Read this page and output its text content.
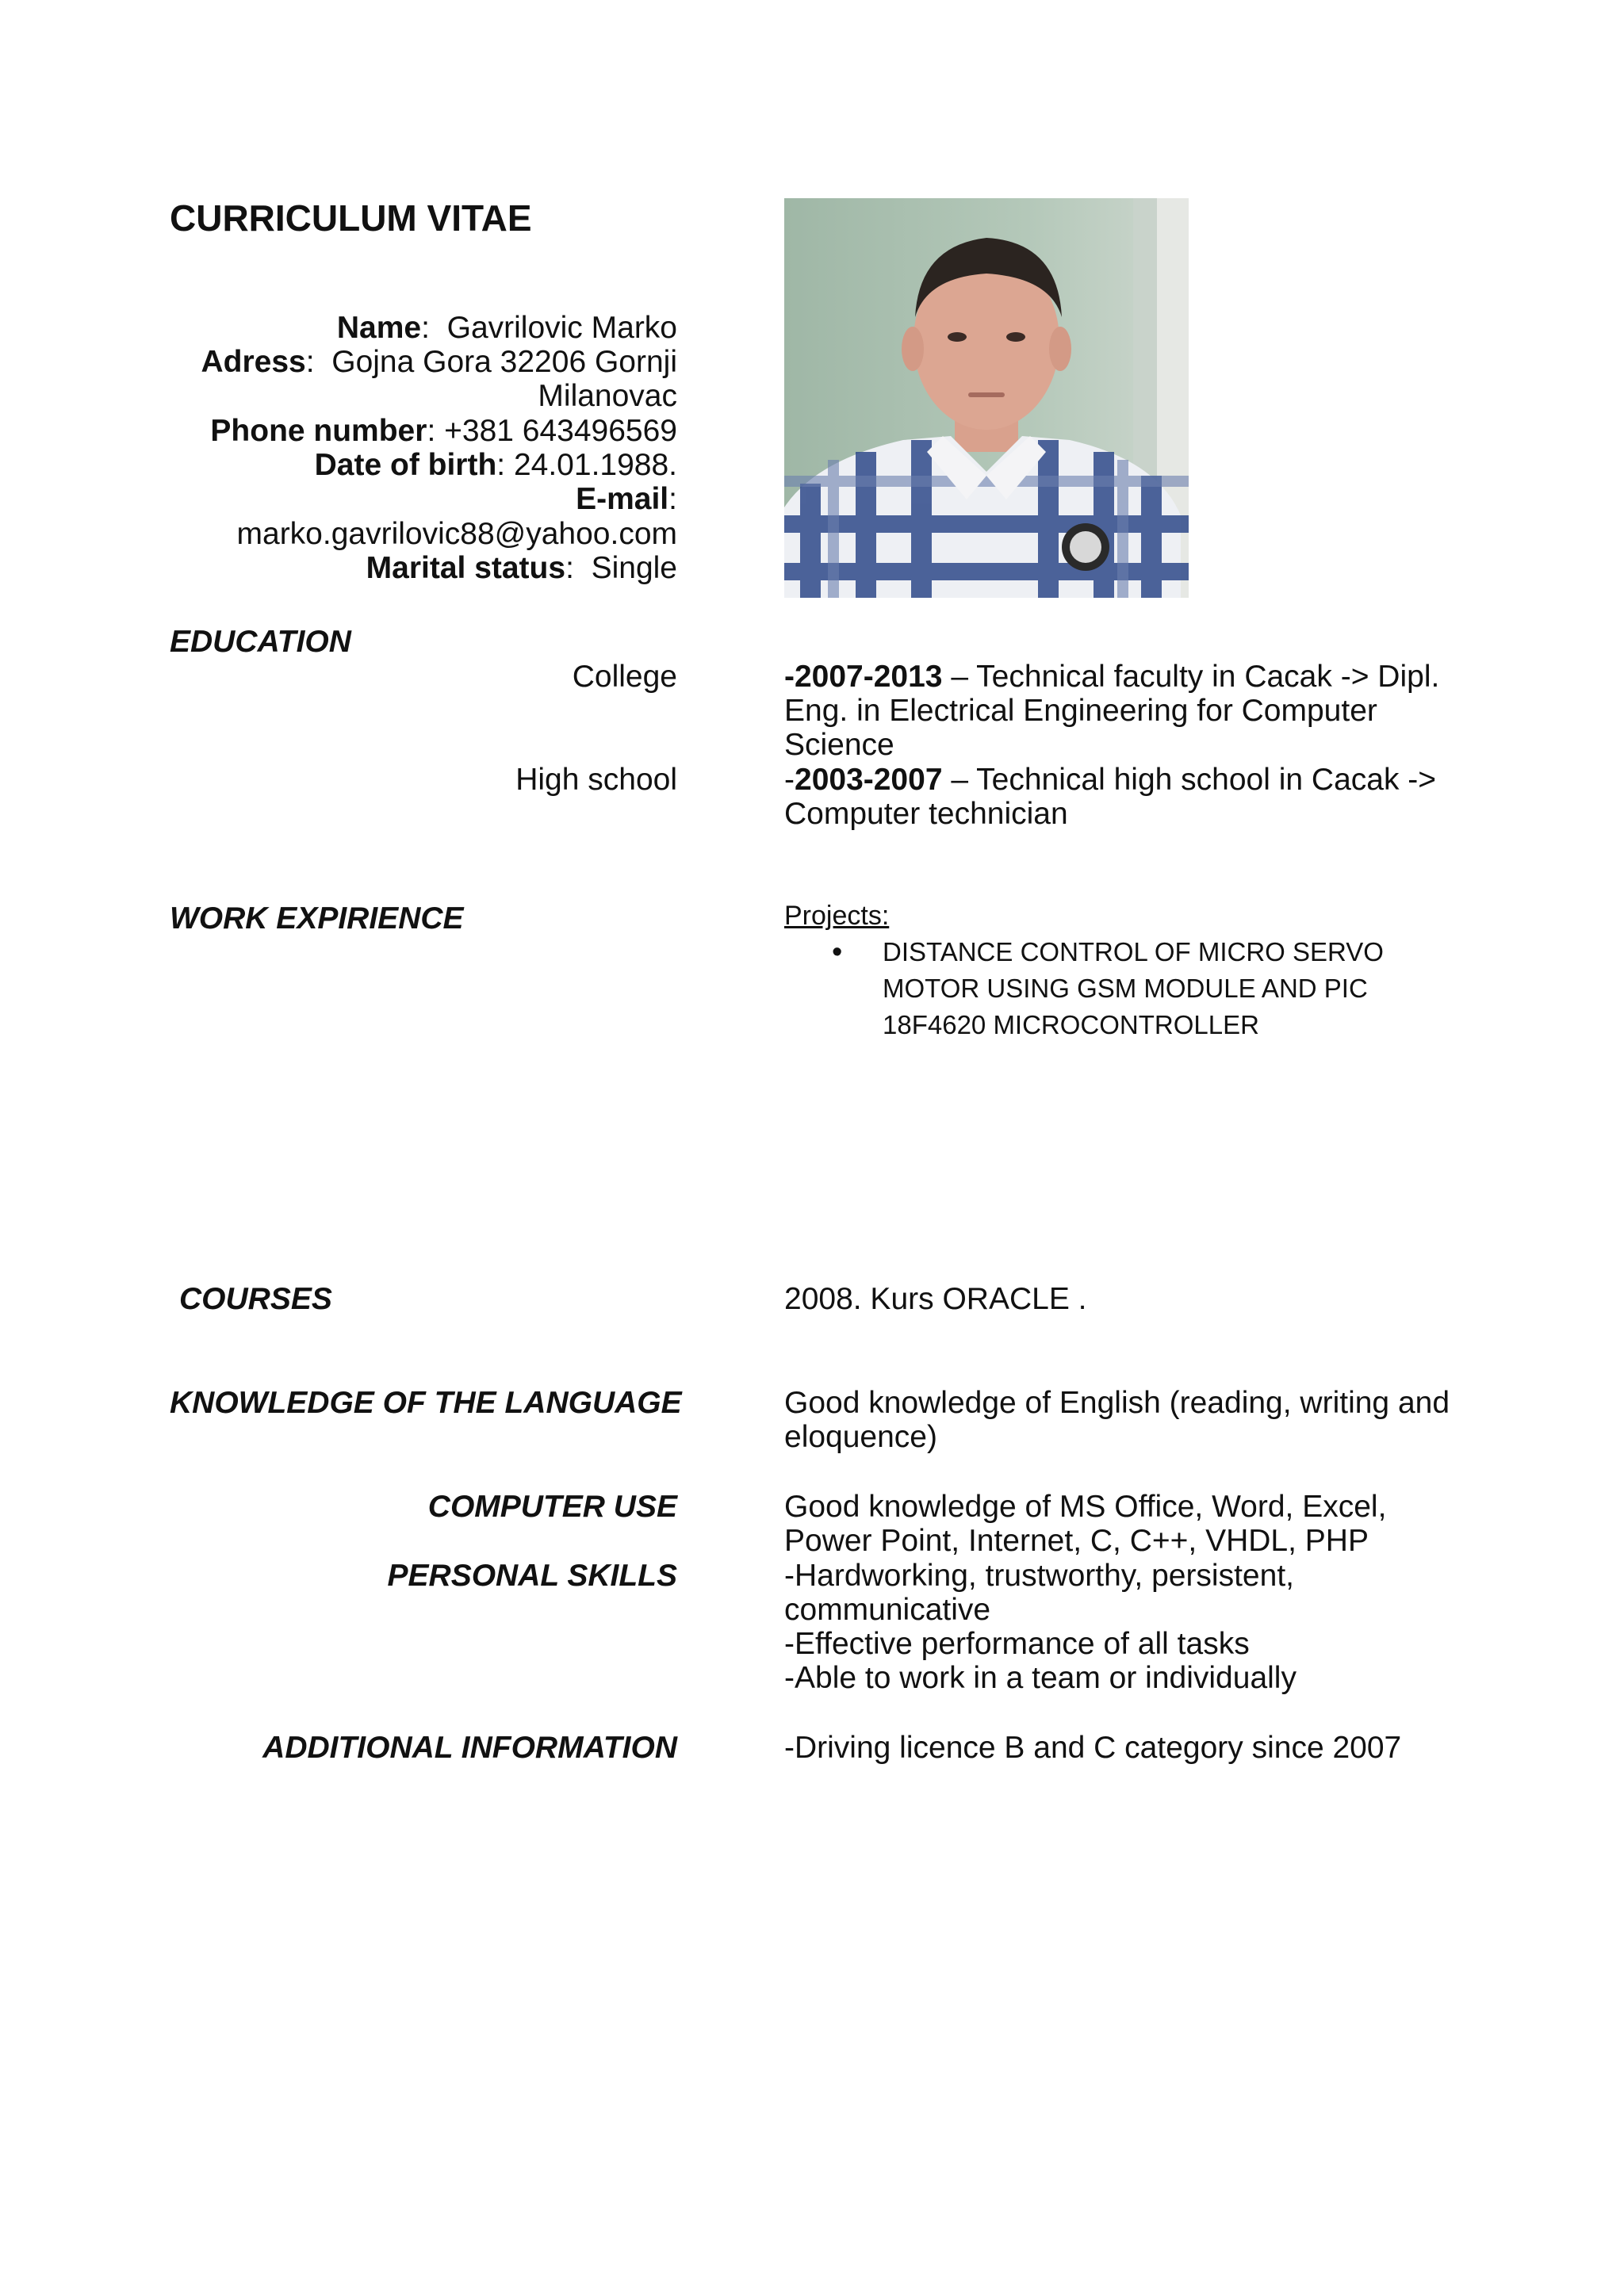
CURRICULUM VITAE
Name:  Gavrilovic Marko
Adress:  Gojna Gora 32206 Gornji
Milanovac
Phone number: +381 643496569
Date of birth: 24.01.1988.
E-mail:
marko.gavrilovic88@yahoo.com
Marital status:  Single
EDUCATION
College	-2007-2013 – Technical faculty in Cacak -> Dipl. Eng. in Electrical Engineering for Computer Science
High school	-2003-2007 – Technical high school in Cacak -> Computer technician
WORK EXPIRIENCE	Projects:
• DISTANCE CONTROL OF MICRO SERVO
MOTOR USING GSM MODULE AND PIC
18F4620 MICROCONTROLLER
COURSES	2008. Kurs ORACLE .
KNOWLEDGE OF THE LANGUAGE	Good knowledge of English (reading, writing and eloquence)
COMPUTER USE	Good knowledge of MS Office, Word, Excel, Power Point, Internet, C, C++, VHDL, PHP
PERSONAL SKILLS	-Hardworking, trustworthy, persistent,
communicative
-Effective performance of all tasks
-Able to work in a team or individually
ADDITIONAL INFORMATION	-Driving licence B and C category since 2007
